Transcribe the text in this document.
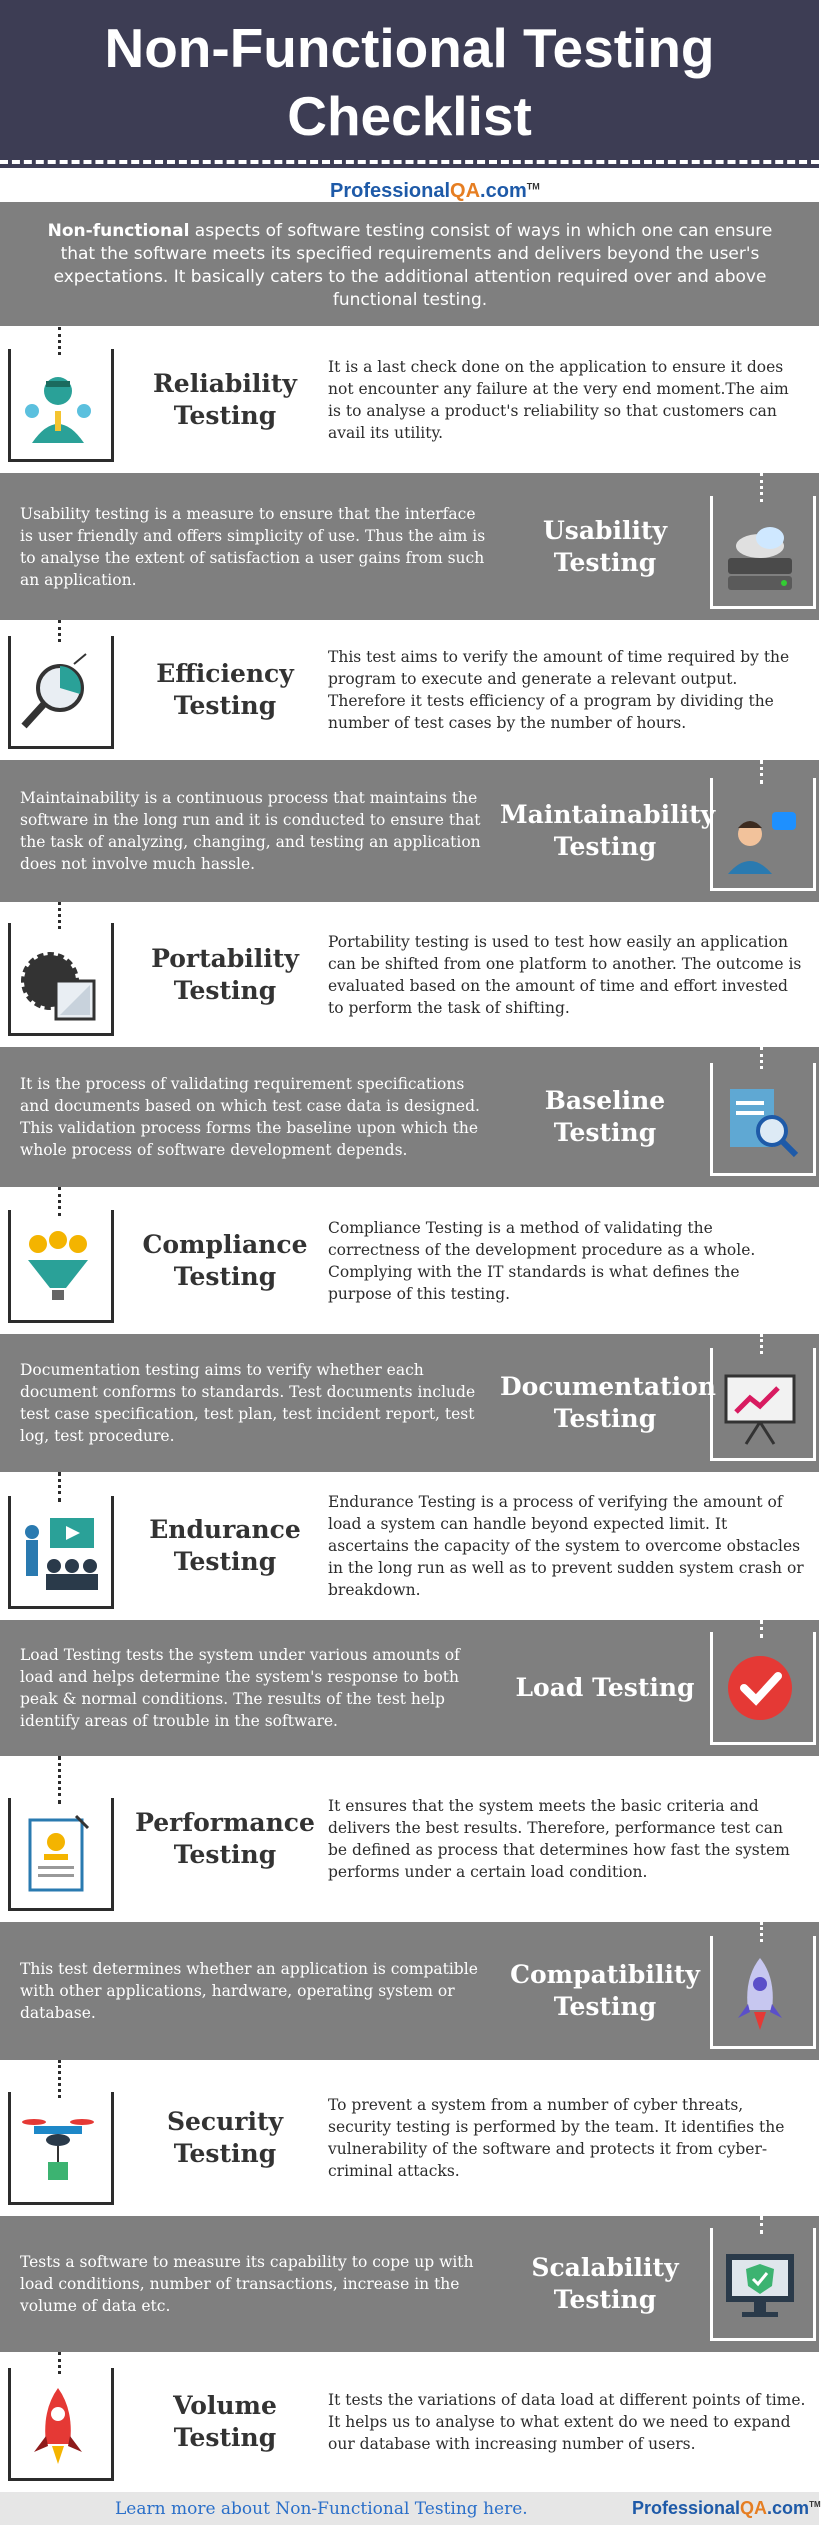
Non-Functional Testing
Checklist
ProfessionalQA.com™
Non-functional aspects of software testing consist of ways in which one can ensure that the software meets its specified requirements and delivers beyond the user's expectations. It basically caters to the additional attention required over and above functional testing.
Reliability
Testing
It is a last check done on the application to ensure it does not encounter any failure at the very end moment.The aim is to analyse a product's reliability so that customers can avail its utility.
Usability
Testing
Usability testing is a measure to ensure that the interface is user friendly and offers simplicity of use. Thus the aim is to analyse the extent of satisfaction a user gains from such an application.
Efficiency
Testing
This test aims to verify the amount of time required by the program to execute and generate a relevant output. Therefore it tests efficiency of a program by dividing the number of test cases by the number of hours.
Maintainability
Testing
Maintainability is a continuous process that maintains the software in the long run and it is conducted to ensure that the task of analyzing, changing, and testing an application does not involve much hassle.
Portability
Testing
Portability testing is used to test how easily an application can be shifted from one platform to another. The outcome is evaluated based on the amount of time and effort invested to perform the task of shifting.
Baseline
Testing
It is the process of validating requirement specifications and documents based on which test case data is designed. This validation process forms the baseline upon which the whole process of software development depends.
Compliance
Testing
Compliance Testing is a method of validating the correctness of the development procedure as a whole. Complying with the IT standards is what defines the purpose of this testing.
Documentation
Testing
Documentation testing aims to verify whether each document conforms to standards. Test documents include test case specification, test plan, test incident report, test log, test procedure.
Endurance
Testing
Endurance Testing is a process of verifying the amount of load a system can handle beyond expected limit. It ascertains the capacity of the system to overcome obstacles in the long run as well as to prevent sudden system crash or breakdown.
Load Testing
Load Testing tests the system under various amounts of load and helps determine the system's response to both peak & normal conditions. The results of the test help identify areas of trouble in the software.
Performance
Testing
It ensures that the system meets the basic criteria and delivers the best results. Therefore, performance test can be defined as process that determines how fast the system performs under a certain load condition.
Compatibility
Testing
This test determines whether an application is compatible with other applications, hardware, operating system or database.
Security
Testing
To prevent a system from a number of cyber threats, security testing is performed by the team. It identifies the vulnerability of the software and protects it from cyber-criminal attacks.
Scalability
Testing
Tests a software to measure its capability to cope up with load conditions, number of transactions, increase in the volume of data etc.
Volume
Testing
It tests the variations of data load at different points of time. It helps us to analyse to what extent do we need to expand our database with increasing number of users.
Learn more about Non-Functional Testing here.	ProfessionalQA.com™
